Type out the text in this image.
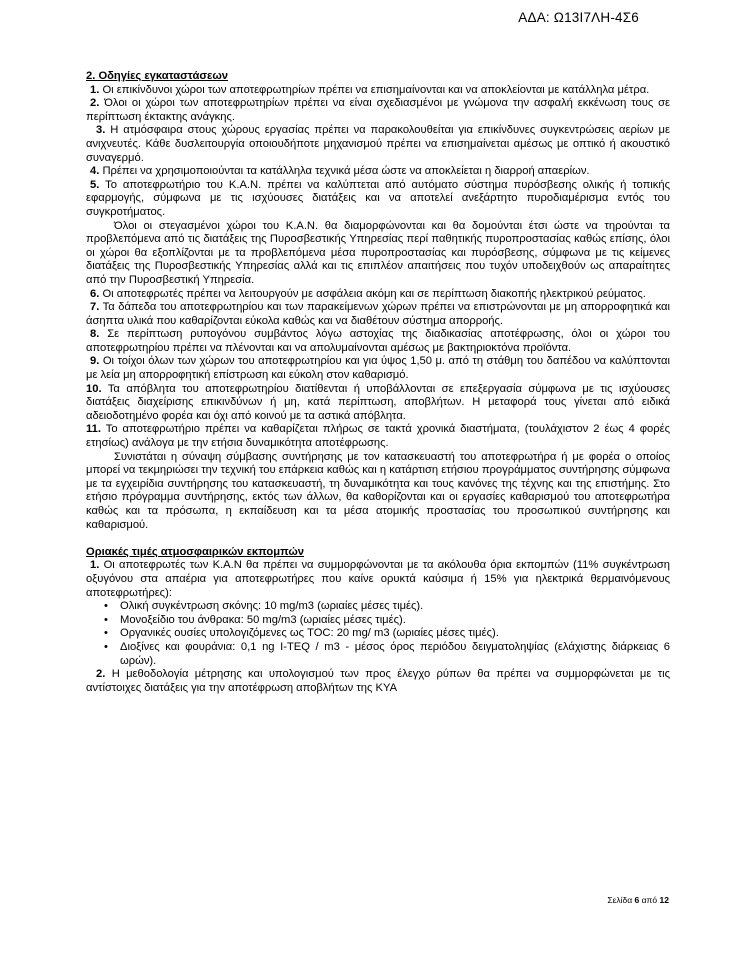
ΑΔΑ: Ω13Ι7ΛΗ-4Σ6

2. Οδηγίες εγκαταστάσεων

1. Οι επικίνδυνοι χώροι των αποτεφρωτηρίων πρέπει να επισημαίνονται και να αποκλείονται με κατάλληλα μέτρα.

2. Όλοι οι χώροι των αποτεφρωτηρίων πρέπει να είναι σχεδιασμένοι με γνώμονα την ασφαλή εκκένωση τους σε περίπτωση έκτακτης ανάγκης.

3. Η ατμόσφαιρα στους χώρους εργασίας πρέπει να παρακολουθείται για επικίνδυνες συγκεντρώσεις αερίων με ανιχνευτές. Κάθε δυσλειτουργία οποιουδήποτε μηχανισμού πρέπει να επισημαίνεται αμέσως με οπτικό ή ακουστικό συναγερμό.

4. Πρέπει να χρησιμοποιούνται τα κατάλληλα τεχνικά μέσα ώστε να αποκλείεται η διαρροή απαερίων.

5. Το αποτεφρωτήριο του Κ.Α.Ν. πρέπει να καλύπτεται από αυτόματο σύστημα πυρόσβεσης ολικής ή τοπικής εφαρμογής, σύμφωνα με τις ισχύουσες διατάξεις και να αποτελεί ανεξάρτητο πυροδιαμέρισμα εντός του συγκροτήματος.

Όλοι οι στεγασμένοι χώροι του Κ.Α.Ν. θα διαμορφώνονται και θα δομούνται έτσι ώστε να τηρούνται τα προβλεπόμενα από τις διατάξεις της Πυροσβεστικής Υπηρεσίας περί παθητικής πυροπροστασίας καθώς επίσης, όλοι οι χώροι θα εξοπλίζονται με τα προβλεπόμενα μέσα πυροπροστασίας και πυρόσβεσης, σύμφωνα με τις κείμενες διατάξεις της Πυροσβεστικής Υπηρεσίας αλλά και τις επιπλέον απαιτήσεις που τυχόν υποδειχθούν ως απαραίτητες από την Πυροσβεστική Υπηρεσία.

6. Οι αποτεφρωτές πρέπει να λειτουργούν με ασφάλεια ακόμη και σε περίπτωση διακοπής ηλεκτρικού ρεύματος.

7. Τα δάπεδα του αποτεφρωτηρίου και των παρακείμενων χώρων πρέπει να επιστρώνονται με μη απορροφητικά και άσηπτα υλικά που καθαρίζονται εύκολα καθώς και να διαθέτουν σύστημα απορροής.

8. Σε περίπτωση ρυπογόνου συμβάντος λόγω αστοχίας της διαδικασίας αποτέφρωσης, όλοι οι χώροι του αποτεφρωτηρίου πρέπει να πλένονται και να απολυμαίνονται αμέσως με βακτηριοκτόνα προϊόντα.

9. Οι τοίχοι όλων των χώρων του αποτεφρωτηρίου και για ύψος 1,50 μ. από τη στάθμη του δαπέδου να καλύπτονται με λεία μη απορροφητική επίστρωση και εύκολη στον καθαρισμό.

10. Τα απόβλητα του αποτεφρωτηρίου διατίθενται ή υποβάλλονται σε επεξεργασία σύμφωνα με τις ισχύουσες διατάξεις διαχείρισης επικινδύνων ή μη, κατά περίπτωση, αποβλήτων. Η μεταφορά τους γίνεται από ειδικά αδειοδοτημένο φορέα και όχι από κοινού με τα αστικά απόβλητα.

11. Το αποτεφρωτήριο πρέπει να καθαρίζεται πλήρως σε τακτά χρονικά διαστήματα, (τουλάχιστον 2 έως 4 φορές ετησίως) ανάλογα με την ετήσια δυναμικότητα αποτέφρωσης.

Συνιστάται η σύναψη σύμβασης συντήρησης με τον κατασκευαστή του αποτεφρωτήρα ή με φορέα ο οποίος μπορεί να τεκμηριώσει την τεχνική του επάρκεια καθώς και η κατάρτιση ετήσιου προγράμματος συντήρησης σύμφωνα με τα εγχειρίδια συντήρησης του κατασκευαστή, τη δυναμικότητα και τους κανόνες της τέχνης και της επιστήμης. Στο ετήσιο πρόγραμμα συντήρησης, εκτός των άλλων, θα καθορίζονται και οι εργασίες καθαρισμού του αποτεφρωτήρα καθώς και τα πρόσωπα, η εκπαίδευση και τα μέσα ατομικής προστασίας του προσωπικού συντήρησης και καθαρισμού.

Οριακές τιμές ατμοσφαιρικών εκπομπών

1. Οι αποτεφρωτές των Κ.Α.Ν θα πρέπει να συμμορφώνονται με τα ακόλουθα όρια εκπομπών (11% συγκέντρωση οξυγόνου στα απαέρια για αποτεφρωτήρες που καίνε ορυκτά καύσιμα ή 15% για ηλεκτρικά θερμαινόμενους αποτεφρωτήρες):

• Ολική συγκέντρωση σκόνης: 10 mg/m3 (ωριαίες μέσες τιμές).
• Μονοξείδιο του άνθρακα: 50 mg/m3 (ωριαίες μέσες τιμές).
• Οργανικές ουσίες υπολογιζόμενες ως TOC: 20 mg/ m3 (ωριαίες μέσες τιμές).
• Διοξίνες και φουράνια: 0,1 ng I-TEQ / m3 - μέσος όρος περιόδου δειγματοληψίας (ελάχιστης διάρκειας 6 ωρών).

2. Η μεθοδολογία μέτρησης και υπολογισμού των προς έλεγχο ρύπων θα πρέπει να συμμορφώνεται με τις αντίστοιχες διατάξεις για την αποτέφρωση αποβλήτων της ΚΥΑ

Σελίδα 6 από 12
